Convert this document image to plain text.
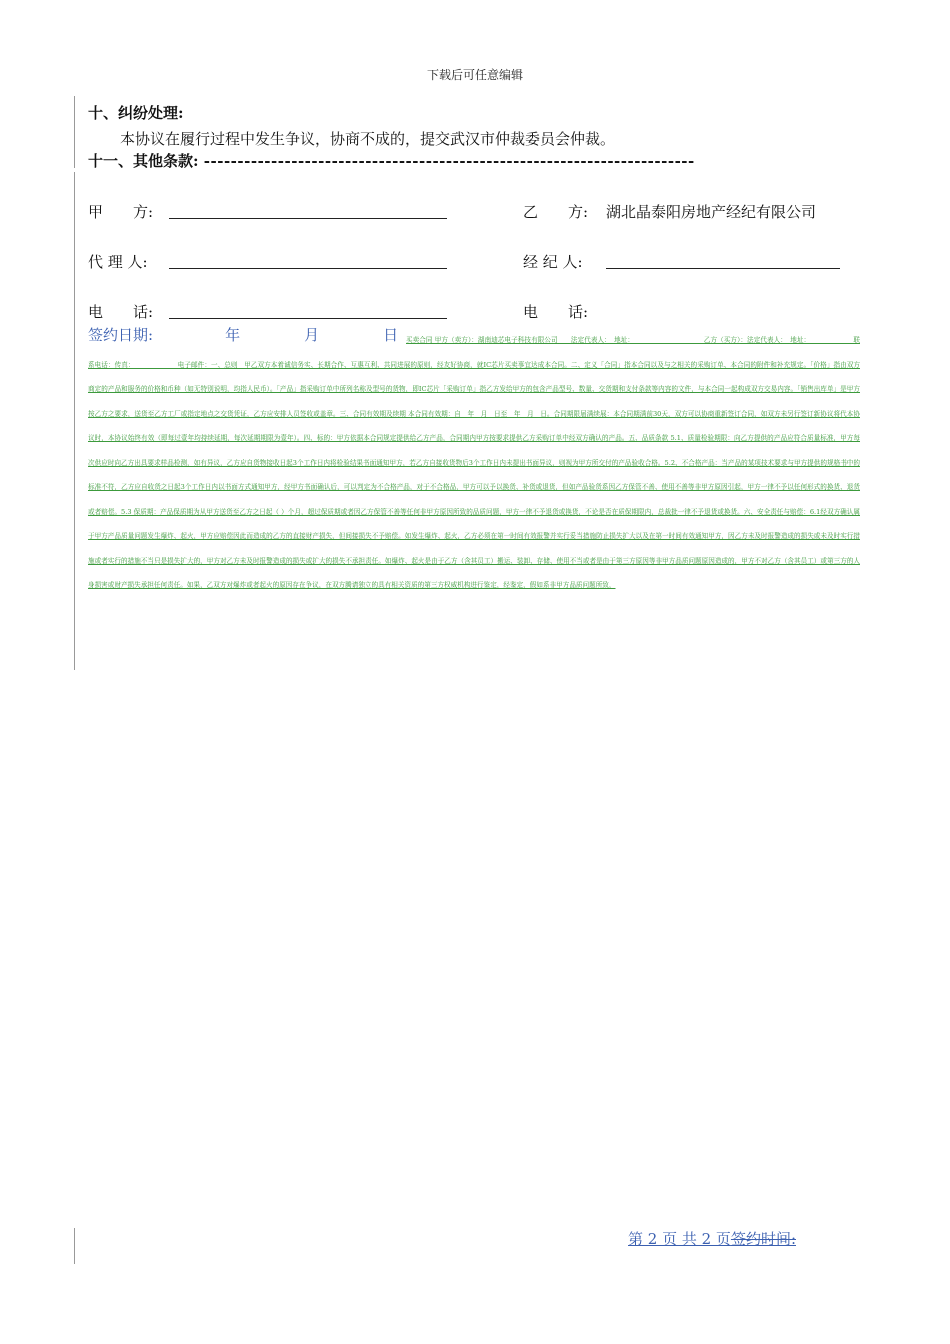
下载后可任意编辑
十、纠纷处理:
本协议在履行过程中发生争议，协商不成的，提交武汉市仲裁委员会仲裁。
十一、其他条款: -------------------------------------------------------------------------
甲　　方:	乙　　方: 湖北晶泰阳房地产经纪有限公司
代 理 人:	经 纪 人:
电　　话:	电　　话:
签约日期:	年	月	日	买卖合同 甲方（卖方）：湖南迪芯电子科技有限公司　　法定代表人：　地址：　　　　　　　　　　　乙方（买方）：法定代表人：　地址：　　　　　　　联系电话：传真：　　　　　　　电子邮件：一、总则　甲乙双方本着诚信务实、长期合作、互惠互利、共同进展的原则，经友好协商，就IC芯片买卖事宜达成本合同。二、定义「合同」指本合同以及与之相关的采购订单、本合同的附件和补充规定。「价格」指由双方商定的产品和服务的价格和币种（如无特别说明，均指人民币）。「产品」指采购订单中所列名称及型号的货物，即IC芯片「采购订单」指乙方发给甲方的包含产品型号、数量、交货期和支付条款等内容的文件，与本合同一起构成双方交易内容。「销售出库单」是甲方按乙方之要求，送货至乙方工厂或指定地点之交货凭证，乙方应安排人员签收或盖章。三、合同有效期及续期 本合同有效期：自　年　月　日至　年　月　日。合同期限届满续展：本合同期满前30天，双方可以协商重新签订合同，如双方未另行签订新协议将代本协议时，本协议始终有效（即每过壹年均持续延期，每次延期期限为壹年）。四、标的：甲方依据本合同规定提供给乙方产品，合同期内甲方按要求提供乙方采购订单中经双方确认的产品。五、品质条款 5.1、质量检验期限：向乙方提供的产品应符合质量标准，甲方每次供应时向乙方出具要求样品检测，如有异议，乙方应自货物接收日起3个工作日内将检验结果书面通知甲方，若乙方自接收货物后3个工作日内未提出书面异议，则视为甲方所交付的产品验收合格。5.2、不合格产品：当产品的某项技术要求与甲方提供的规格书中的标准不符，乙方应自收货之日起3个工作日内以书面方式通知甲方，经甲方书面确认后，可以判定为不合格产品，对于不合格品，甲方可以予以换货、补货或退货，但如产品验货系因乙方保管不善、使用不善等非甲方原因引起，甲方一律不予以任何形式的换货、退货或者赔偿。5.3 保质期：产品保质期为从甲方送货至乙方之日起（ ）个月，超过保质期或者因乙方保管不善等任何非甲方原因所致的品质问题，甲方一律不予退货或换货，不论是否在质保期限内，总裁批一律不予退货或换货。六、安全责任与赔偿：6.1经双方确认属于甲方产品质量问题发生爆炸、起火，甲方应赔偿因此而造成的乙方的直接财产损失，但间接损失不予赔偿。如发生爆炸、起火，乙方必须在第一时间有效报警并实行妥当措施防止损失扩大以及在第一时间有效通知甲方，因乙方未及时报警造成的损失或未及时实行措施或者实行的措施不当只是损失扩大的，甲方对乙方未及时报警造成的损失或扩大的损失不承担责任。如爆炸、起火是由于乙方（含其员工）搬运、装卸、存储、使用不当或者是由于第三方原因等非甲方品质问题原因造成的，甲方不对乙方（含其员工）或第三方的人身损害或财产损失承担任何责任。如果，乙双方对爆炸或者起火的原因存在争议，在双方腾请独立的具有相关资质的第三方权威机构进行鉴定，经鉴定，假如系非甲方品质问题所致，
第 2 页 共 2 页签约时间:
